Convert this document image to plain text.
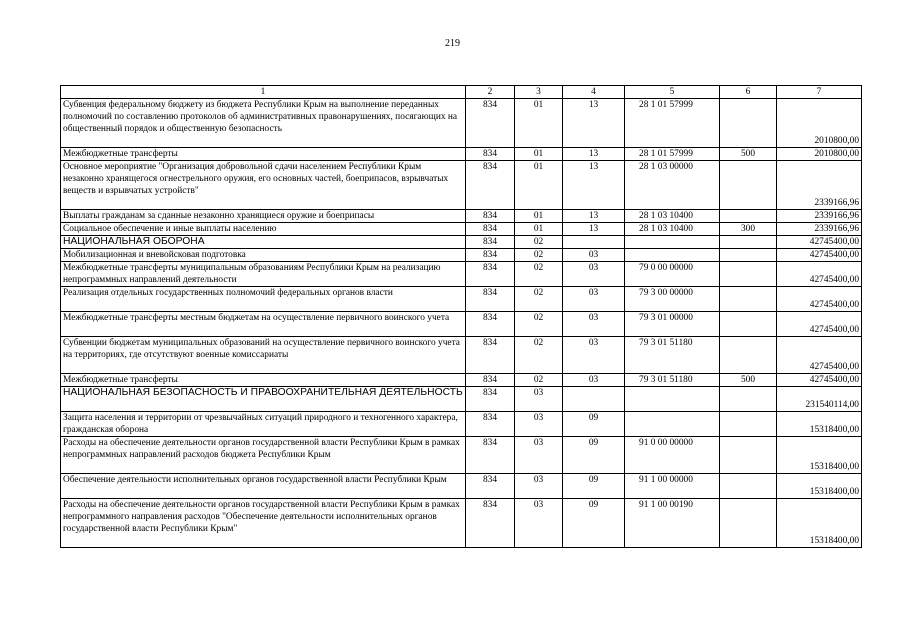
219
1	2	3	4	5	6	7
Субвенция федеральному бюджету из бюджета Республики Крым на выполнение переданных полномочий по составлению протоколов об административных правонарушениях, посягающих на общественный порядок и общественную безопасность	834	01	13	28 1 01 57999		2010800,00
Межбюджетные трансферты	834	01	13	28 1 01 57999	500	2010800,00
Основное мероприятие "Организация добровольной сдачи населением Республики Крым незаконно хранящегося огнестрельного оружия, его основных частей, боеприпасов, взрывчатых веществ и взрывчатых устройств"	834	01	13	28 1 03 00000		2339166,96
Выплаты гражданам за сданные незаконно хранящиеся оружие и боеприпасы	834	01	13	28 1 03 10400		2339166,96
Социальное обеспечение и иные выплаты населению	834	01	13	28 1 03 10400	300	2339166,96
НАЦИОНАЛЬНАЯ ОБОРОНА	834	02				42745400,00
Мобилизационная и вневойсковая подготовка	834	02	03			42745400,00
Межбюджетные трансферты муниципальным образованиям Республики Крым на реализацию непрограммных направлений деятельности	834	02	03	79 0 00 00000		42745400,00
Реализация отдельных государственных полномочий федеральных органов власти	834	02	03	79 3 00 00000		42745400,00
Межбюджетные трансферты местным бюджетам на осуществление первичного воинского учета	834	02	03	79 3 01 00000		42745400,00
Субвенции бюджетам муниципальных образований на осуществление первичного воинского учета на территориях, где отсутствуют военные комиссариаты	834	02	03	79 3 01 51180		42745400,00
Межбюджетные трансферты	834	02	03	79 3 01 51180	500	42745400,00
НАЦИОНАЛЬНАЯ БЕЗОПАСНОСТЬ И ПРАВООХРАНИТЕЛЬНАЯ ДЕЯТЕЛЬНОСТЬ	834	03				231540114,00
Защита населения и территории от чрезвычайных ситуаций природного и техногенного характера, гражданская оборона	834	03	09			15318400,00
Расходы на обеспечение деятельности органов государственной власти Республики Крым в рамках непрограммных направлений расходов бюджета Республики Крым	834	03	09	91 0 00 00000		15318400,00
Обеспечение деятельности исполнительных органов государственной власти Республики Крым	834	03	09	91 1 00 00000		15318400,00
Расходы на обеспечение деятельности органов государственной власти Республики Крым в рамках непрограммного направления расходов "Обеспечение деятельности исполнительных органов государственной власти Республики Крым"	834	03	09	91 1 00 00190		15318400,00
